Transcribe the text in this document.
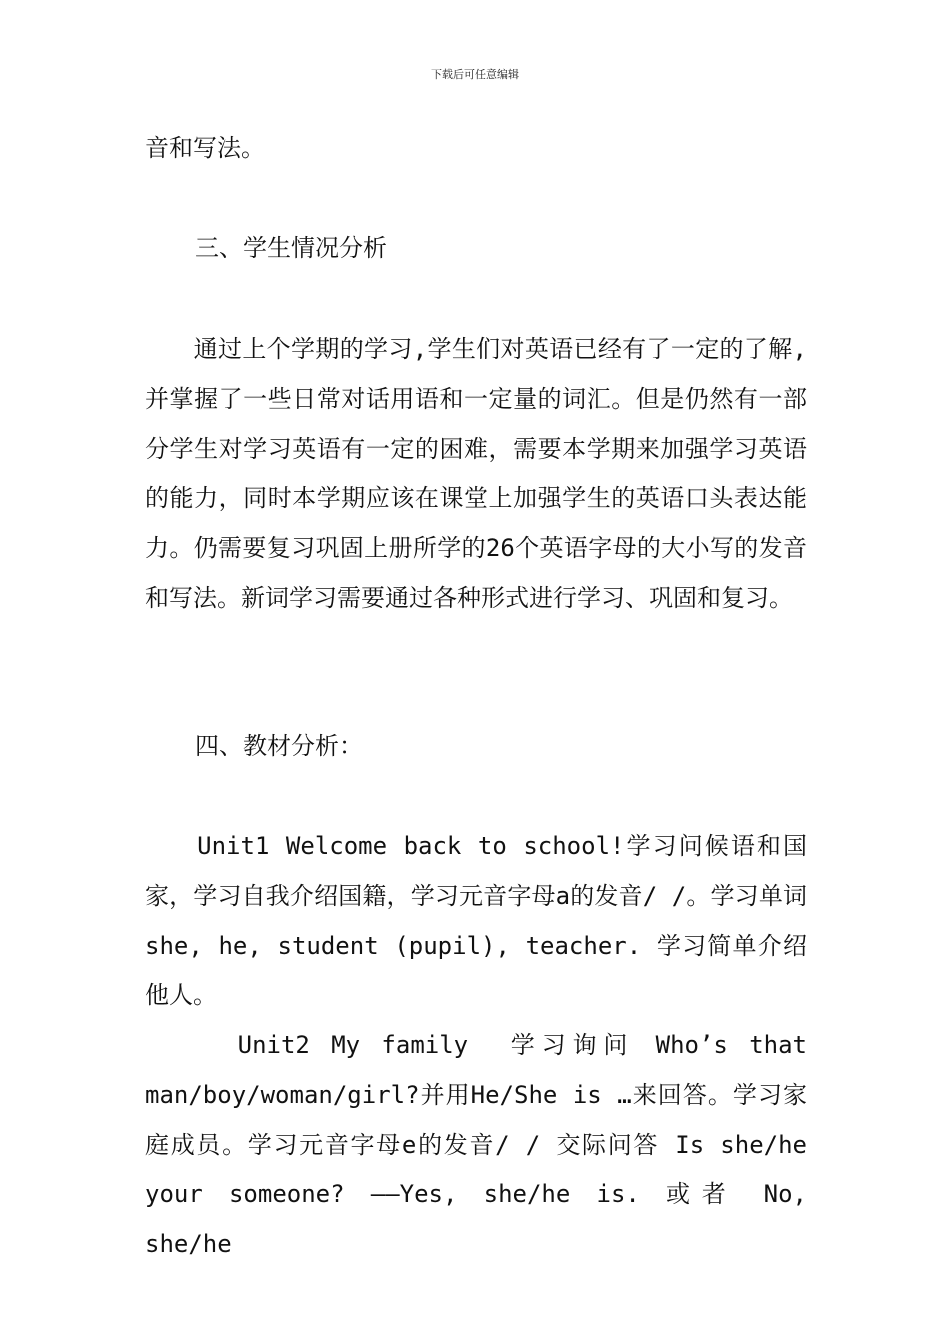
下载后可任意编辑

音和写法。

三、学生情况分析

　　通过上个学期的学习,学生们对英语已经有了一定的了解,并掌握了一些日常对话用语和一定量的词汇。但是仍然有一部分学生对学习英语有一定的困难，需要本学期来加强学习英语的能力，同时本学期应该在课堂上加强学生的英语口头表达能力。仍需要复习巩固上册所学的26个英语字母的大小写的发音和写法。新词学习需要通过各种形式进行学习、巩固和复习。

四、教材分析：

　　Unit1 Welcome back to school!学习问候语和国家，学习自我介绍国籍，学习元音字母a的发音/ /。学习单词she, he, student (pupil), teacher. 学习简单介绍他人。

　　　Unit2 My family  学习询问 Who’s that man/boy/woman/girl?并用He/She is …来回答。学习家庭成员。学习元音字母e的发音/ / 交际问答 Is she/he your someone? ——Yes, she/he is. 或者 No, she/he
